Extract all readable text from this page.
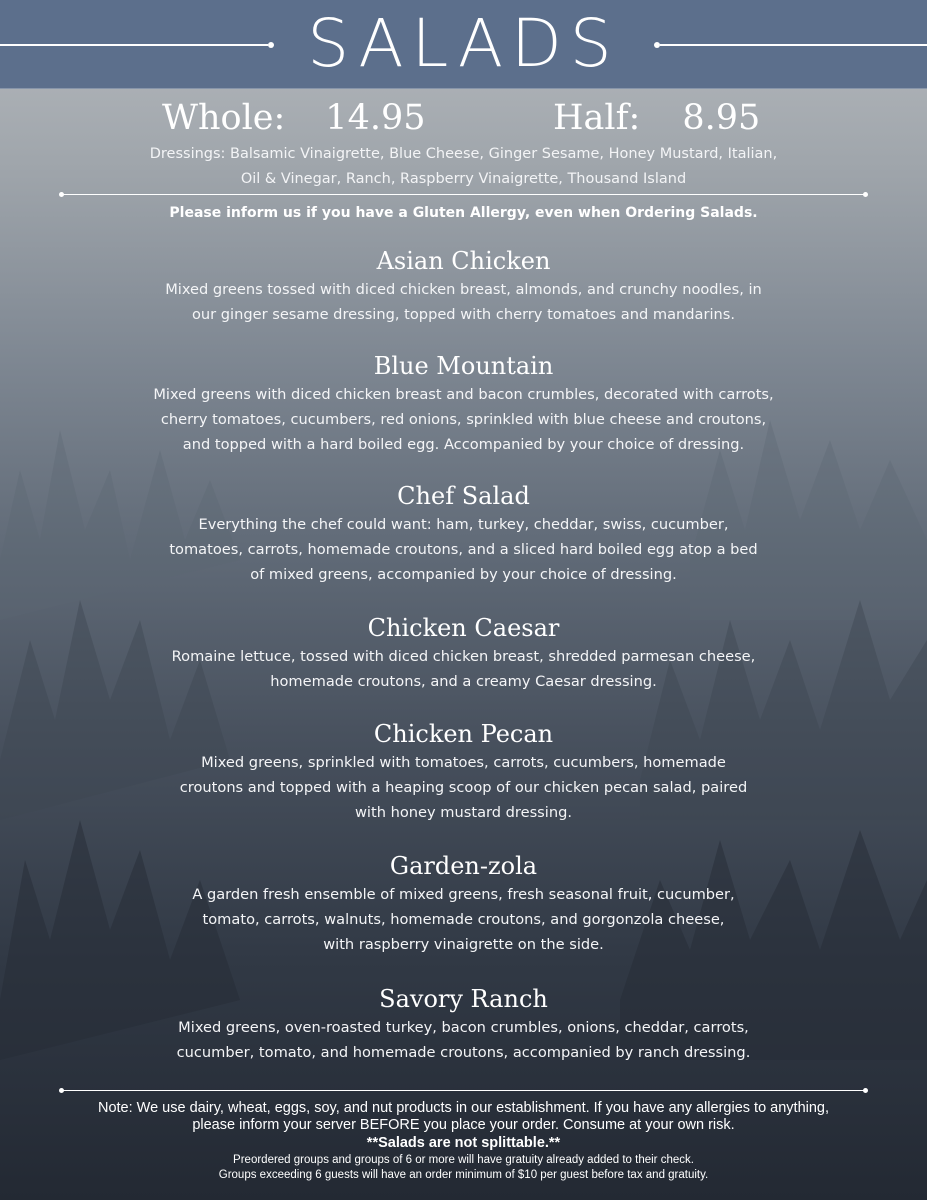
SALADS
Whole: 14.95	Half: 8.95
Dressings: Balsamic Vinaigrette, Blue Cheese, Ginger Sesame, Honey Mustard, Italian,
Oil & Vinegar, Ranch, Raspberry Vinaigrette, Thousand Island
Please inform us if you have a Gluten Allergy, even when Ordering Salads.
Asian Chicken

Mixed greens tossed with diced chicken breast, almonds, and crunchy noodles, in
our ginger sesame dressing, topped with cherry tomatoes and mandarins.

Blue Mountain

Mixed greens with diced chicken breast and bacon crumbles, decorated with carrots,
cherry tomatoes, cucumbers, red onions, sprinkled with blue cheese and croutons,
and topped with a hard boiled egg. Accompanied by your choice of dressing.

Chef Salad

Everything the chef could want: ham, turkey, cheddar, swiss, cucumber,
tomatoes, carrots, homemade croutons, and a sliced hard boiled egg atop a bed
of mixed greens, accompanied by your choice of dressing.

Chicken Caesar

Romaine lettuce, tossed with diced chicken breast, shredded parmesan cheese,
homemade croutons, and a creamy Caesar dressing.

Chicken Pecan

Mixed greens, sprinkled with tomatoes, carrots, cucumbers, homemade
croutons and topped with a heaping scoop of our chicken pecan salad, paired
with honey mustard dressing.

Garden-zola

A garden fresh ensemble of mixed greens, fresh seasonal fruit, cucumber,
tomato, carrots, walnuts, homemade croutons, and gorgonzola cheese,
with raspberry vinaigrette on the side.

Savory Ranch

Mixed greens, oven-roasted turkey, bacon crumbles, onions, cheddar, carrots,
cucumber, tomato, and homemade croutons, accompanied by ranch dressing.

Note: We use dairy, wheat, eggs, soy, and nut products in our establishment. If you have any allergies to anything,
please inform your server BEFORE you place your order. Consume at your own risk.
**Salads are not splittable.**
Preordered groups and groups of 6 or more will have gratuity already added to their check.
Groups exceeding 6 guests will have an order minimum of $10 per guest before tax and gratuity.
